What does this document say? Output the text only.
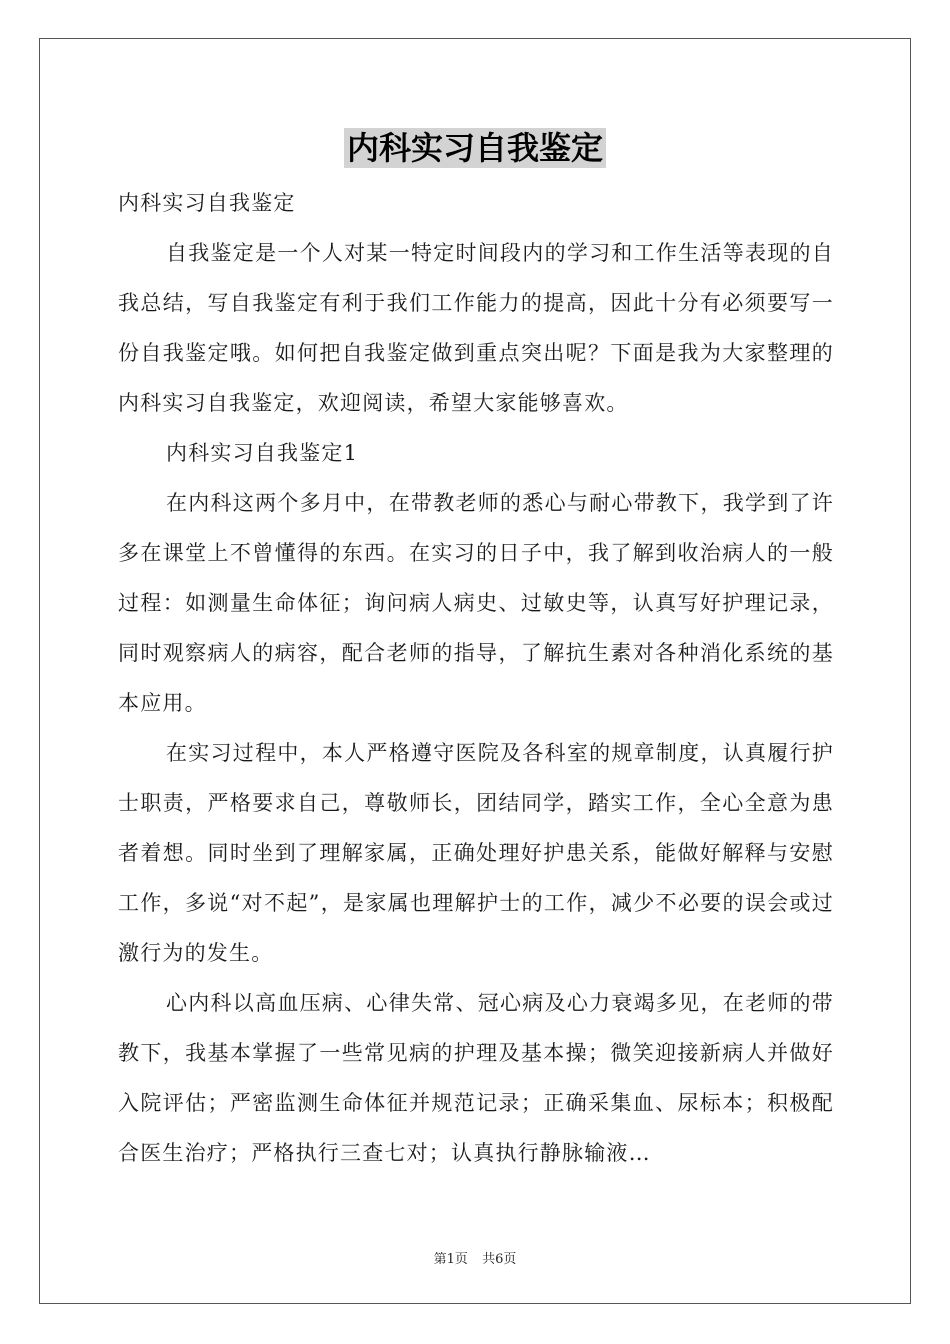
内科实习自我鉴定

内科实习自我鉴定

自我鉴定是一个人对某一特定时间段内的学习和工作生活等表现的自我总结，写自我鉴定有利于我们工作能力的提高，因此十分有必须要写一份自我鉴定哦。如何把自我鉴定做到重点突出呢？下面是我为大家整理的内科实习自我鉴定，欢迎阅读，希望大家能够喜欢。

内科实习自我鉴定1

在内科这两个多月中，在带教老师的悉心与耐心带教下，我学到了许多在课堂上不曾懂得的东西。在实习的日子中，我了解到收治病人的一般过程：如测量生命体征；询问病人病史、过敏史等，认真写好护理记录，同时观察病人的病容，配合老师的指导，了解抗生素对各种消化系统的基本应用。

在实习过程中，本人严格遵守医院及各科室的规章制度，认真履行护士职责，严格要求自己，尊敬师长，团结同学，踏实工作，全心全意为患者着想。同时坐到了理解家属，正确处理好护患关系，能做好解释与安慰工作，多说“对不起”，是家属也理解护士的工作，减少不必要的误会或过激行为的发生。

心内科以高血压病、心律失常、冠心病及心力衰竭多见，在老师的带教下，我基本掌握了一些常见病的护理及基本操；微笑迎接新病人并做好入院评估；严密监测生命体征并规范记录；正确采集血、尿标本；积极配合医生治疗；严格执行三查七对；认真执行静脉输液…

第1页 共6页
